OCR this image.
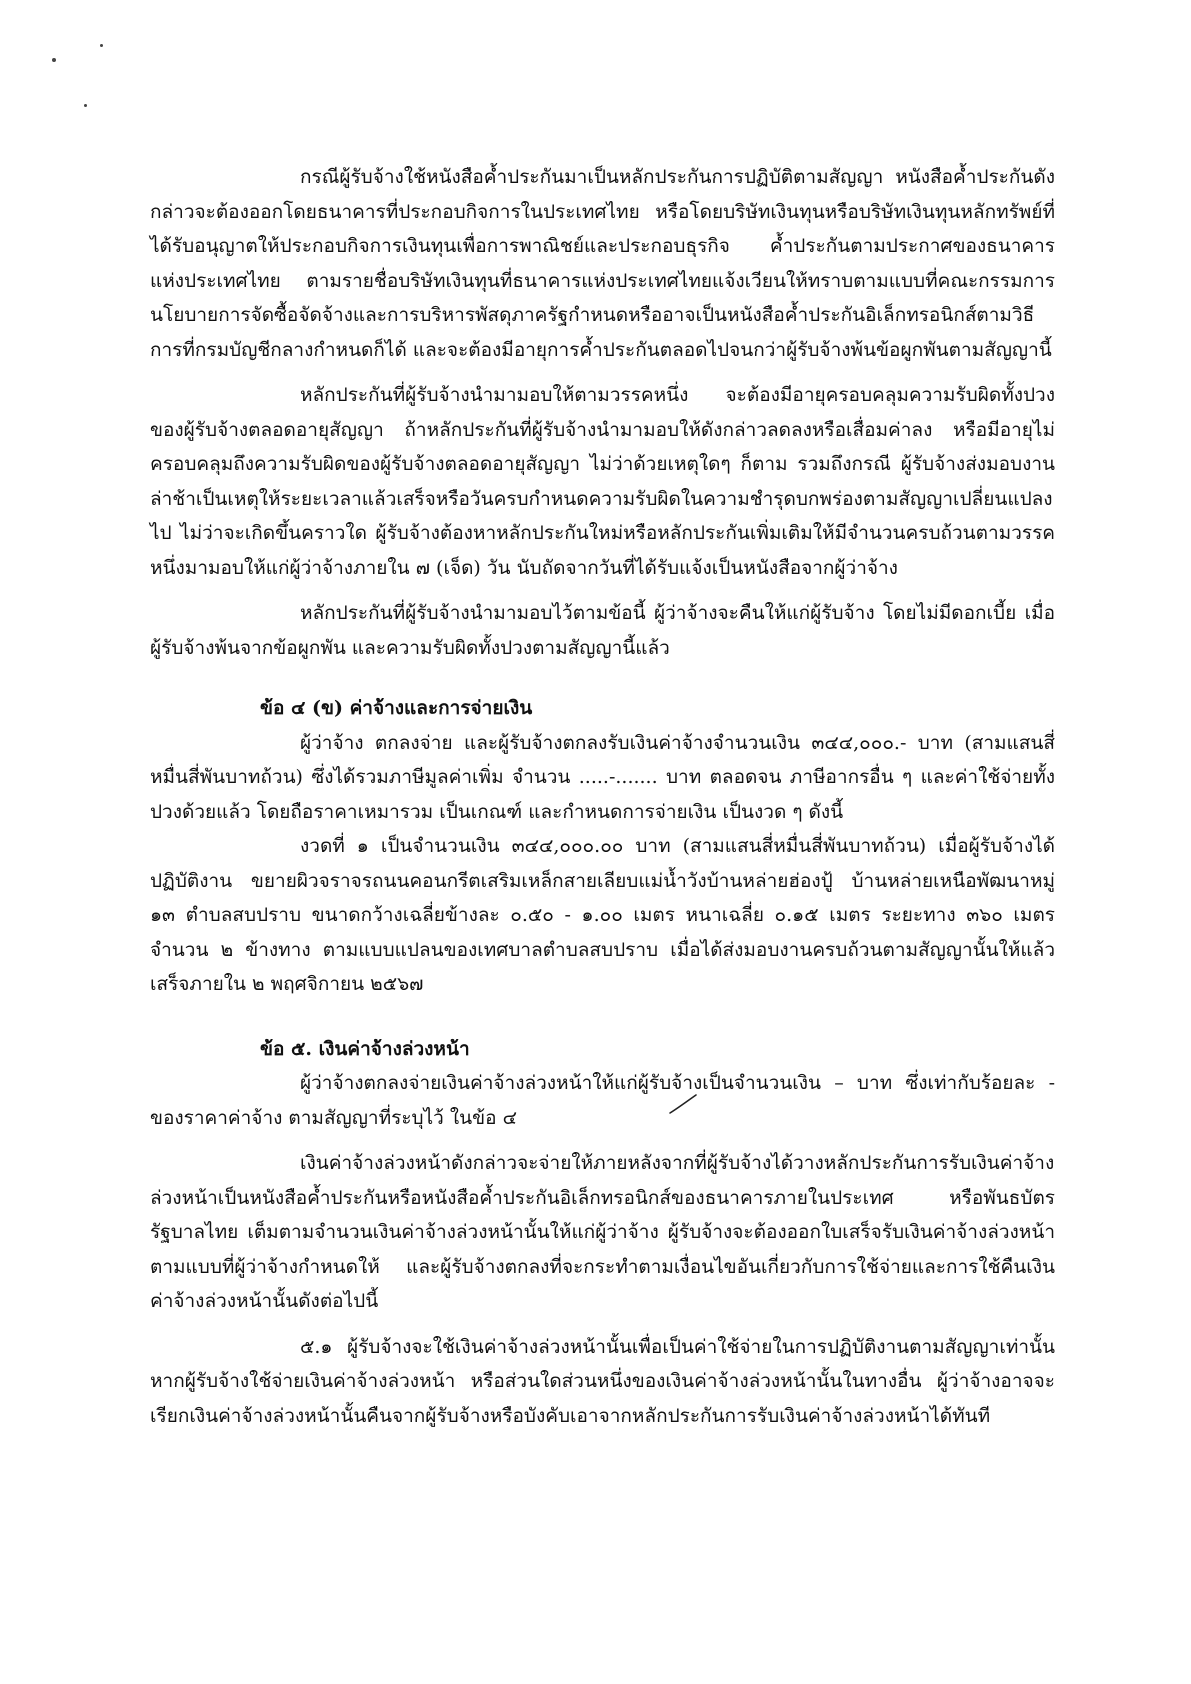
กรณีผู้รับจ้างใช้หนังสือค้ำประกันมาเป็นหลักประกันการปฏิบัติตามสัญญา หนังสือค้ำประกันดังกล่าวจะต้องออกโดยธนาคารที่ประกอบกิจการในประเทศไทย หรือโดยบริษัทเงินทุนหรือบริษัทเงินทุนหลักทรัพย์ที่ได้รับอนุญาตให้ประกอบกิจการเงินทุนเพื่อการพาณิชย์และประกอบธุรกิจ ค้ำประกันตามประกาศของธนาคารแห่งประเทศไทย ตามรายชื่อบริษัทเงินทุนที่ธนาคารแห่งประเทศไทยแจ้งเวียนให้ทราบตามแบบที่คณะกรรมการนโยบายการจัดซื้อจัดจ้างและการบริหารพัสดุภาครัฐกำหนดหรืออาจเป็นหนังสือค้ำประกันอิเล็กทรอนิกส์ตามวิธีการที่กรมบัญชีกลางกำหนดก็ได้ และจะต้องมีอายุการค้ำประกันตลอดไปจนกว่าผู้รับจ้างพ้นข้อผูกพันตามสัญญานี้

หลักประกันที่ผู้รับจ้างนำมามอบให้ตามวรรคหนึ่ง จะต้องมีอายุครอบคลุมความรับผิดทั้งปวงของผู้รับจ้างตลอดอายุสัญญา ถ้าหลักประกันที่ผู้รับจ้างนำมามอบให้ดังกล่าวลดลงหรือเสื่อมค่าลง หรือมีอายุไม่ครอบคลุมถึงความรับผิดของผู้รับจ้างตลอดอายุสัญญา ไม่ว่าด้วยเหตุใดๆ ก็ตาม รวมถึงกรณี ผู้รับจ้างส่งมอบงานล่าช้าเป็นเหตุให้ระยะเวลาแล้วเสร็จหรือวันครบกำหนดความรับผิดในความชำรุดบกพร่องตามสัญญาเปลี่ยนแปลงไป ไม่ว่าจะเกิดขึ้นคราวใด ผู้รับจ้างต้องหาหลักประกันใหม่หรือหลักประกันเพิ่มเติมให้มีจำนวนครบถ้วนตามวรรคหนึ่งมามอบให้แก่ผู้ว่าจ้างภายใน ๗ (เจ็ด) วัน นับถัดจากวันที่ได้รับแจ้งเป็นหนังสือจากผู้ว่าจ้าง

หลักประกันที่ผู้รับจ้างนำมามอบไว้ตามข้อนี้ ผู้ว่าจ้างจะคืนให้แก่ผู้รับจ้าง โดยไม่มีดอกเบี้ย เมื่อผู้รับจ้างพ้นจากข้อผูกพัน และความรับผิดทั้งปวงตามสัญญานี้แล้ว

ข้อ ๔ (ข) ค่าจ้างและการจ่ายเงิน

ผู้ว่าจ้าง ตกลงจ่าย และผู้รับจ้างตกลงรับเงินค่าจ้างจำนวนเงิน ๓๔๔,๐๐๐.- บาท (สามแสนสี่หมื่นสี่พันบาทถ้วน) ซึ่งได้รวมภาษีมูลค่าเพิ่ม จำนวน .....-....... บาท ตลอดจน ภาษีอากรอื่น ๆ และค่าใช้จ่ายทั้งปวงด้วยแล้ว โดยถือราคาเหมารวม เป็นเกณฑ์ และกำหนดการจ่ายเงิน เป็นงวด ๆ ดังนี้

งวดที่ ๑ เป็นจำนวนเงิน ๓๔๔,๐๐๐.๐๐ บาท (สามแสนสี่หมื่นสี่พันบาทถ้วน) เมื่อผู้รับจ้างได้ปฏิบัติงาน ขยายผิวจราจรถนนคอนกรีตเสริมเหล็กสายเลียบแม่น้ำวังบ้านหล่ายฮ่องปู้ บ้านหล่ายเหนือพัฒนาหมู่ ๑๓ ตำบลสบปราบ ขนาดกว้างเฉลี่ยข้างละ ๐.๕๐ - ๑.๐๐ เมตร หนาเฉลี่ย ๐.๑๕ เมตร ระยะทาง ๓๖๐ เมตร จำนวน ๒ ข้างทาง ตามแบบแปลนของเทศบาลตำบลสบปราบ เมื่อได้ส่งมอบงานครบถ้วนตามสัญญานั้นให้แล้วเสร็จภายใน ๒ พฤศจิกายน ๒๕๖๗

ข้อ ๕. เงินค่าจ้างล่วงหน้า

ผู้ว่าจ้างตกลงจ่ายเงินค่าจ้างล่วงหน้าให้แก่ผู้รับจ้างเป็นจำนวนเงิน – บาท ซึ่งเท่ากับร้อยละ - ของราคาค่าจ้าง ตามสัญญาที่ระบุไว้ ในข้อ ๔

เงินค่าจ้างล่วงหน้าดังกล่าวจะจ่ายให้ภายหลังจากที่ผู้รับจ้างได้วางหลักประกันการรับเงินค่าจ้างล่วงหน้าเป็นหนังสือค้ำประกันหรือหนังสือค้ำประกันอิเล็กทรอนิกส์ของธนาคารภายในประเทศ หรือพันธบัตรรัฐบาลไทย เต็มตามจำนวนเงินค่าจ้างล่วงหน้านั้นให้แก่ผู้ว่าจ้าง ผู้รับจ้างจะต้องออกใบเสร็จรับเงินค่าจ้างล่วงหน้า ตามแบบที่ผู้ว่าจ้างกำหนดให้ และผู้รับจ้างตกลงที่จะกระทำตามเงื่อนไขอันเกี่ยวกับการใช้จ่ายและการใช้คืนเงินค่าจ้างล่วงหน้านั้นดังต่อไปนี้

๕.๑ ผู้รับจ้างจะใช้เงินค่าจ้างล่วงหน้านั้นเพื่อเป็นค่าใช้จ่ายในการปฏิบัติงานตามสัญญาเท่านั้นหากผู้รับจ้างใช้จ่ายเงินค่าจ้างล่วงหน้า หรือส่วนใดส่วนหนึ่งของเงินค่าจ้างล่วงหน้านั้นในทางอื่น ผู้ว่าจ้างอาจจะเรียกเงินค่าจ้างล่วงหน้านั้นคืนจากผู้รับจ้างหรือบังคับเอาจากหลักประกันการรับเงินค่าจ้างล่วงหน้าได้ทันที
